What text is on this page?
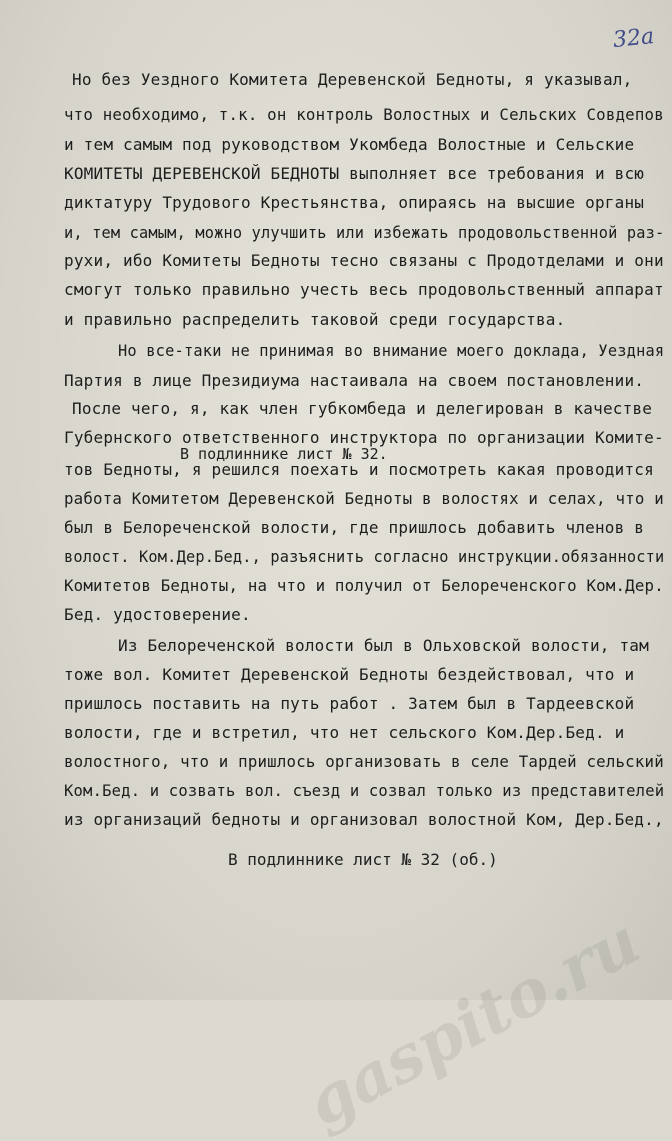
32а

Но без Уездного Комитета Деревенской Бедноты, я указывал,

что необходимо, т.к. он контроль Волостных и Сельских Совдепов

и тем самым под руководством Укомбеда Волостные и Сельские

КОМИТЕТЫ ДЕРЕВЕНСКОЙ БЕДНОТЫ выполняет все требования и всю

диктатуру Трудового Крестьянства, опираясь на высшие органы

и, тем самым, можно улучшить или избежать продовольственной раз-

рухи, ибо Комитеты Бедноты тесно связаны с Продотделами и они

смогут только правильно учесть весь продовольственный аппарат

и правильно распределить таковой среди государства.

Но все-таки не принимая во внимание моего доклада, Уездная

Партия в лице Президиума настаивала на своем постановлении.

После чего, я, как член губкомбеда и делегирован в качестве

Губернского ответственного инструктора по организации Комите-

В подлиннике лист № 32.

тов Бедноты, я решился поехать и посмотреть какая проводится

работа Комитетом Деревенской Бедноты в волостях и селах, что и

был в Белореченской волости, где пришлось добавить членов в

волост. Ком.Дер.Бед., разъяснить согласно инструкции.обязанности

Комитетов Бедноты, на что и получил от Белореченского Ком.Дер.

Бед. удостоверение.

Из Белореченской волости был в Ольховской волости, там

тоже вол. Комитет Деревенской Бедноты бездействовал, что и

пришлось поставить на путь работ . Затем был в Тардеевской

волости, где и встретил, что нет сельского Ком.Дер.Бед. и

волостного, что и пришлось организовать в селе Тардей сельский

Ком.Бед. и созвать вол. съезд и созвал только из представителей

из организаций бедноты и организовал волостной Ком, Дер.Бед.,

В подлиннике лист № 32 (об.)

gaspito.ru
